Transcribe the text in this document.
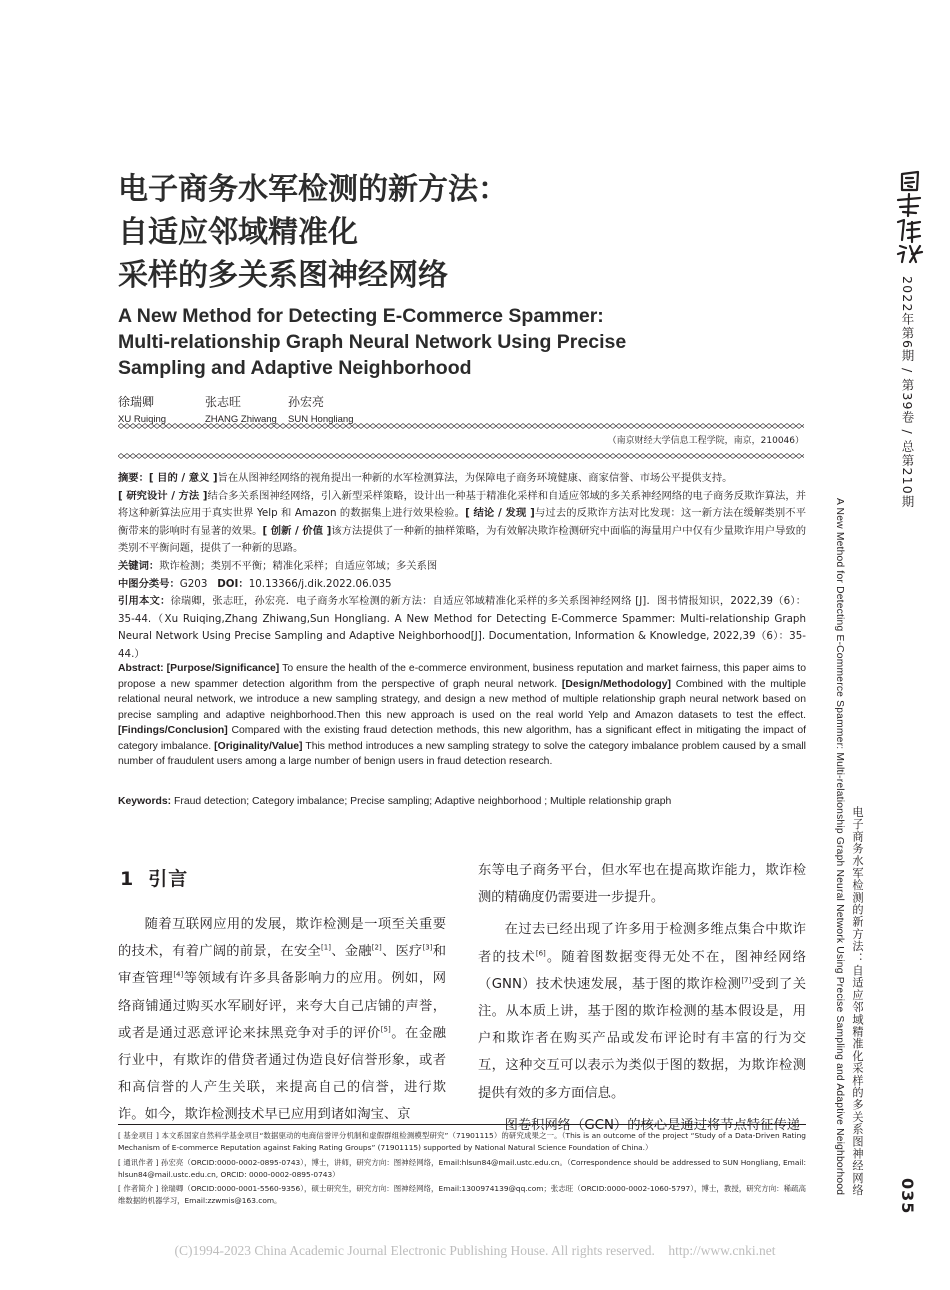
电子商务水军检测的新方法：
自适应邻域精准化
采样的多关系图神经网络
A New Method for Detecting E-Commerce Spammer:
Multi-relationship Graph Neural Network Using Precise
Sampling and Adaptive Neighborhood
徐瑞卿
XU Ruiqing
张志旺
ZHANG Zhiwang
孙宏亮
SUN Hongliang
（南京财经大学信息工程学院，南京，210046）
摘要：[ 目的 / 意义 ]旨在从图神经网络的视角提出一种新的水军检测算法，为保障电子商务环境健康、商家信誉、市场公平提供支持。
[ 研究设计 / 方法 ]结合多关系图神经网络，引入新型采样策略，设计出一种基于精准化采样和自适应邻域的多关系神经网络的电子商务反欺诈算法，并将这种新算法应用于真实世界 Yelp 和 Amazon 的数据集上进行效果检验。[ 结论 / 发现 ]与过去的反欺诈方法对比发现：这一新方法在缓解类别不平衡带来的影响时有显著的效果。[ 创新 / 价值 ]该方法提供了一种新的抽样策略，为有效解决欺诈检测研究中面临的海量用户中仅有少量欺诈用户导致的类别不平衡问题，提供了一种新的思路。
关键词：欺诈检测；类别不平衡；精准化采样；自适应邻域；多关系图
中图分类号：G203 DOI：10.13366/j.dik.2022.06.035
引用本文：徐瑞卿，张志旺，孙宏亮．电子商务水军检测的新方法：自适应邻域精准化采样的多关系图神经网络 [J]．图书情报知识，2022,39（6）：35-44.（Xu Ruiqing,Zhang Zhiwang,Sun Hongliang. A New Method for Detecting E-Commerce Spammer: Multi-relationship Graph Neural Network Using Precise Sampling and Adaptive Neighborhood[J]. Documentation, Information & Knowledge, 2022,39（6）：35-44.）
Abstract: [Purpose/Significance] To ensure the health of the e-commerce environment, business reputation and market fairness, this paper aims to propose a new spammer detection algorithm from the perspective of graph neural network. [Design/Methodology] Combined with the multiple relational neural network, we introduce a new sampling strategy, and design a new method of multiple relationship graph neural network based on precise sampling and adaptive neighborhood.Then this new approach is used on the real world Yelp and Amazon datasets to test the effect. [Findings/Conclusion] Compared with the existing fraud detection methods, this new algorithm, has a significant effect in mitigating the impact of category imbalance. [Originality/Value] This method introduces a new sampling strategy to solve the category imbalance problem caused by a small number of fraudulent users among a large number of benign users in fraud detection research.
Keywords: Fraud detection; Category imbalance; Precise sampling; Adaptive neighborhood ; Multiple relationship graph
1 引言

随着互联网应用的发展，欺诈检测是一项至关重要的技术，有着广阔的前景，在安全[1]、金融[2]、医疗[3]和审查管理[4]等领域有许多具备影响力的应用。例如，网络商铺通过购买水军刷好评，来夸大自己店铺的声誉，或者是通过恶意评论来抹黑竞争对手的评价[5]。在金融行业中，有欺诈的借贷者通过伪造良好信誉形象，或者和高信誉的人产生关联，来提高自己的信誉，进行欺诈。如今，欺诈检测技术早已应用到诸如淘宝、京

东等电子商务平台，但水军也在提高欺诈能力，欺诈检测的精确度仍需要进一步提升。

在过去已经出现了许多用于检测多维点集合中欺诈者的技术[6]。随着图数据变得无处不在，图神经网络（GNN）技术快速发展，基于图的欺诈检测[7]受到了关注。从本质上讲，基于图的欺诈检测的基本假设是，用户和欺诈者在购买产品或发布评论时有丰富的行为交互，这种交互可以表示为类似于图的数据，为欺诈检测提供有效的多方面信息。

图卷积网络（GCN）的核心是通过将节点特征传递

[ 基金项目 ] 本文系国家自然科学基金项目“数据驱动的电商信誉评分机制和虚假群组检测模型研究”（71901115）的研究成果之一。（This is an outcome of the project “Study of a Data-Driven Rating Mechanism of E-commerce Reputation against Faking Rating Groups” (71901115) supported by National Natural Science Foundation of China.）

[ 通讯作者 ] 孙宏亮（ORCID:0000-0002-0895-0743），博士，讲师，研究方向：图神经网络，Email:hlsun84@mail.ustc.edu.cn。（Correspondence should be addressed to SUN Hongliang, Email: hlsun84@mail.ustc.edu.cn, ORCID: 0000-0002-0895-0743）

[ 作者简介 ] 徐瑞卿（ORCID:0000-0001-5560-9356），硕士研究生，研究方向：图神经网络，Email:1300974139@qq.com；张志旺（ORCID:0000-0002-1060-5797），博士，教授，研究方向：稀疏高维数据的机器学习，Email:zzwmis@163.com。

2022年第6期 / 第39卷 / 总第210期
A New Method for Detecting E-Commerce Spammer: Multi-relationship Graph Neural Network Using Precise Sampling and Adaptive Neighborhood 电子商务水军检测的新方法：自适应邻域精准化采样的多关系图神经网络 035
(C)1994-2023 China Academic Journal Electronic Publishing House. All rights reserved.    http://www.cnki.net
